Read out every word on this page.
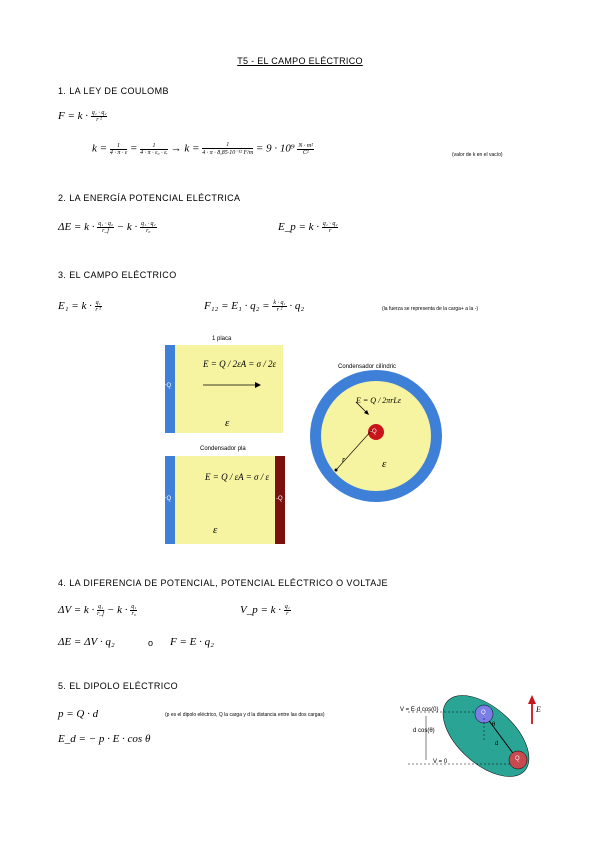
T5 - EL CAMPO ELÉCTRICO
1. LA LEY DE COULOMB
$F = k \cdot \frac{\text{q₁ · q₂}}{\text{r ²}}$
$k = \frac{1}{4 \cdot \pi \cdot \varepsilon} = \frac{1}{\text{4 · π · ε₀ · εᵣ}} \to k = \frac{1}{\text{4 · π · 8,85·10⁻¹² F/m}} = 9 \cdot 10^9 \frac{\text{N · m²}}{\text{C²}}$	(valor de k en el vacío)
2. LA ENERGÍA POTENCIAL ELÉCTRICA
$\Delta E = k \cdot \frac{\text{q₁ · q₂}}{r\_f} - k \cdot \frac{\text{q₁ · q₂}}{\text{r₀}}$	E_p = $k \cdot \frac{\text{q₁ · q₂}}{r}$
3. EL CAMPO ELÉCTRICO
$E_1 = k \cdot \frac{\text{q₁}}{\text{r ²}}$	$F_{12} = E_1 \cdot q_2 = \frac{\text{k · q₁}}{\text{r ²}} \cdot q_2$	(la fuerza se representa de la carga+ a la -)
1 placa
+Q
E = Q / 2εA = σ / 2ε
ε
Condensador pla
+Q	-Q
E = Q / εA = σ / ε
ε
Condensador cilíndric
-Q
E = Q / 2πrLε
r	ε
4. LA DIFERENCIA DE POTENCIAL, POTENCIAL ELÉCTRICO O VOLTAJE
$\Delta V = k \cdot \frac{\text{q₁}}{r\_f} - k \cdot \frac{\text{q₁}}{\text{r₀}}$	V_p = $k \cdot \frac{\text{q₁}}{r}$
ΔE = ΔV · q₂	o F = E · q₂
5. EL DIPOLO ELÉCTRICO
p = Q · d	(p es el dipolo eléctrico, Q la carga y d la distancia entre las dos cargas)
E_d = − p · E · cos θ
V = E·d cos(0)
d cos(θ)
V = 0
d
θ
Q
Q
E
